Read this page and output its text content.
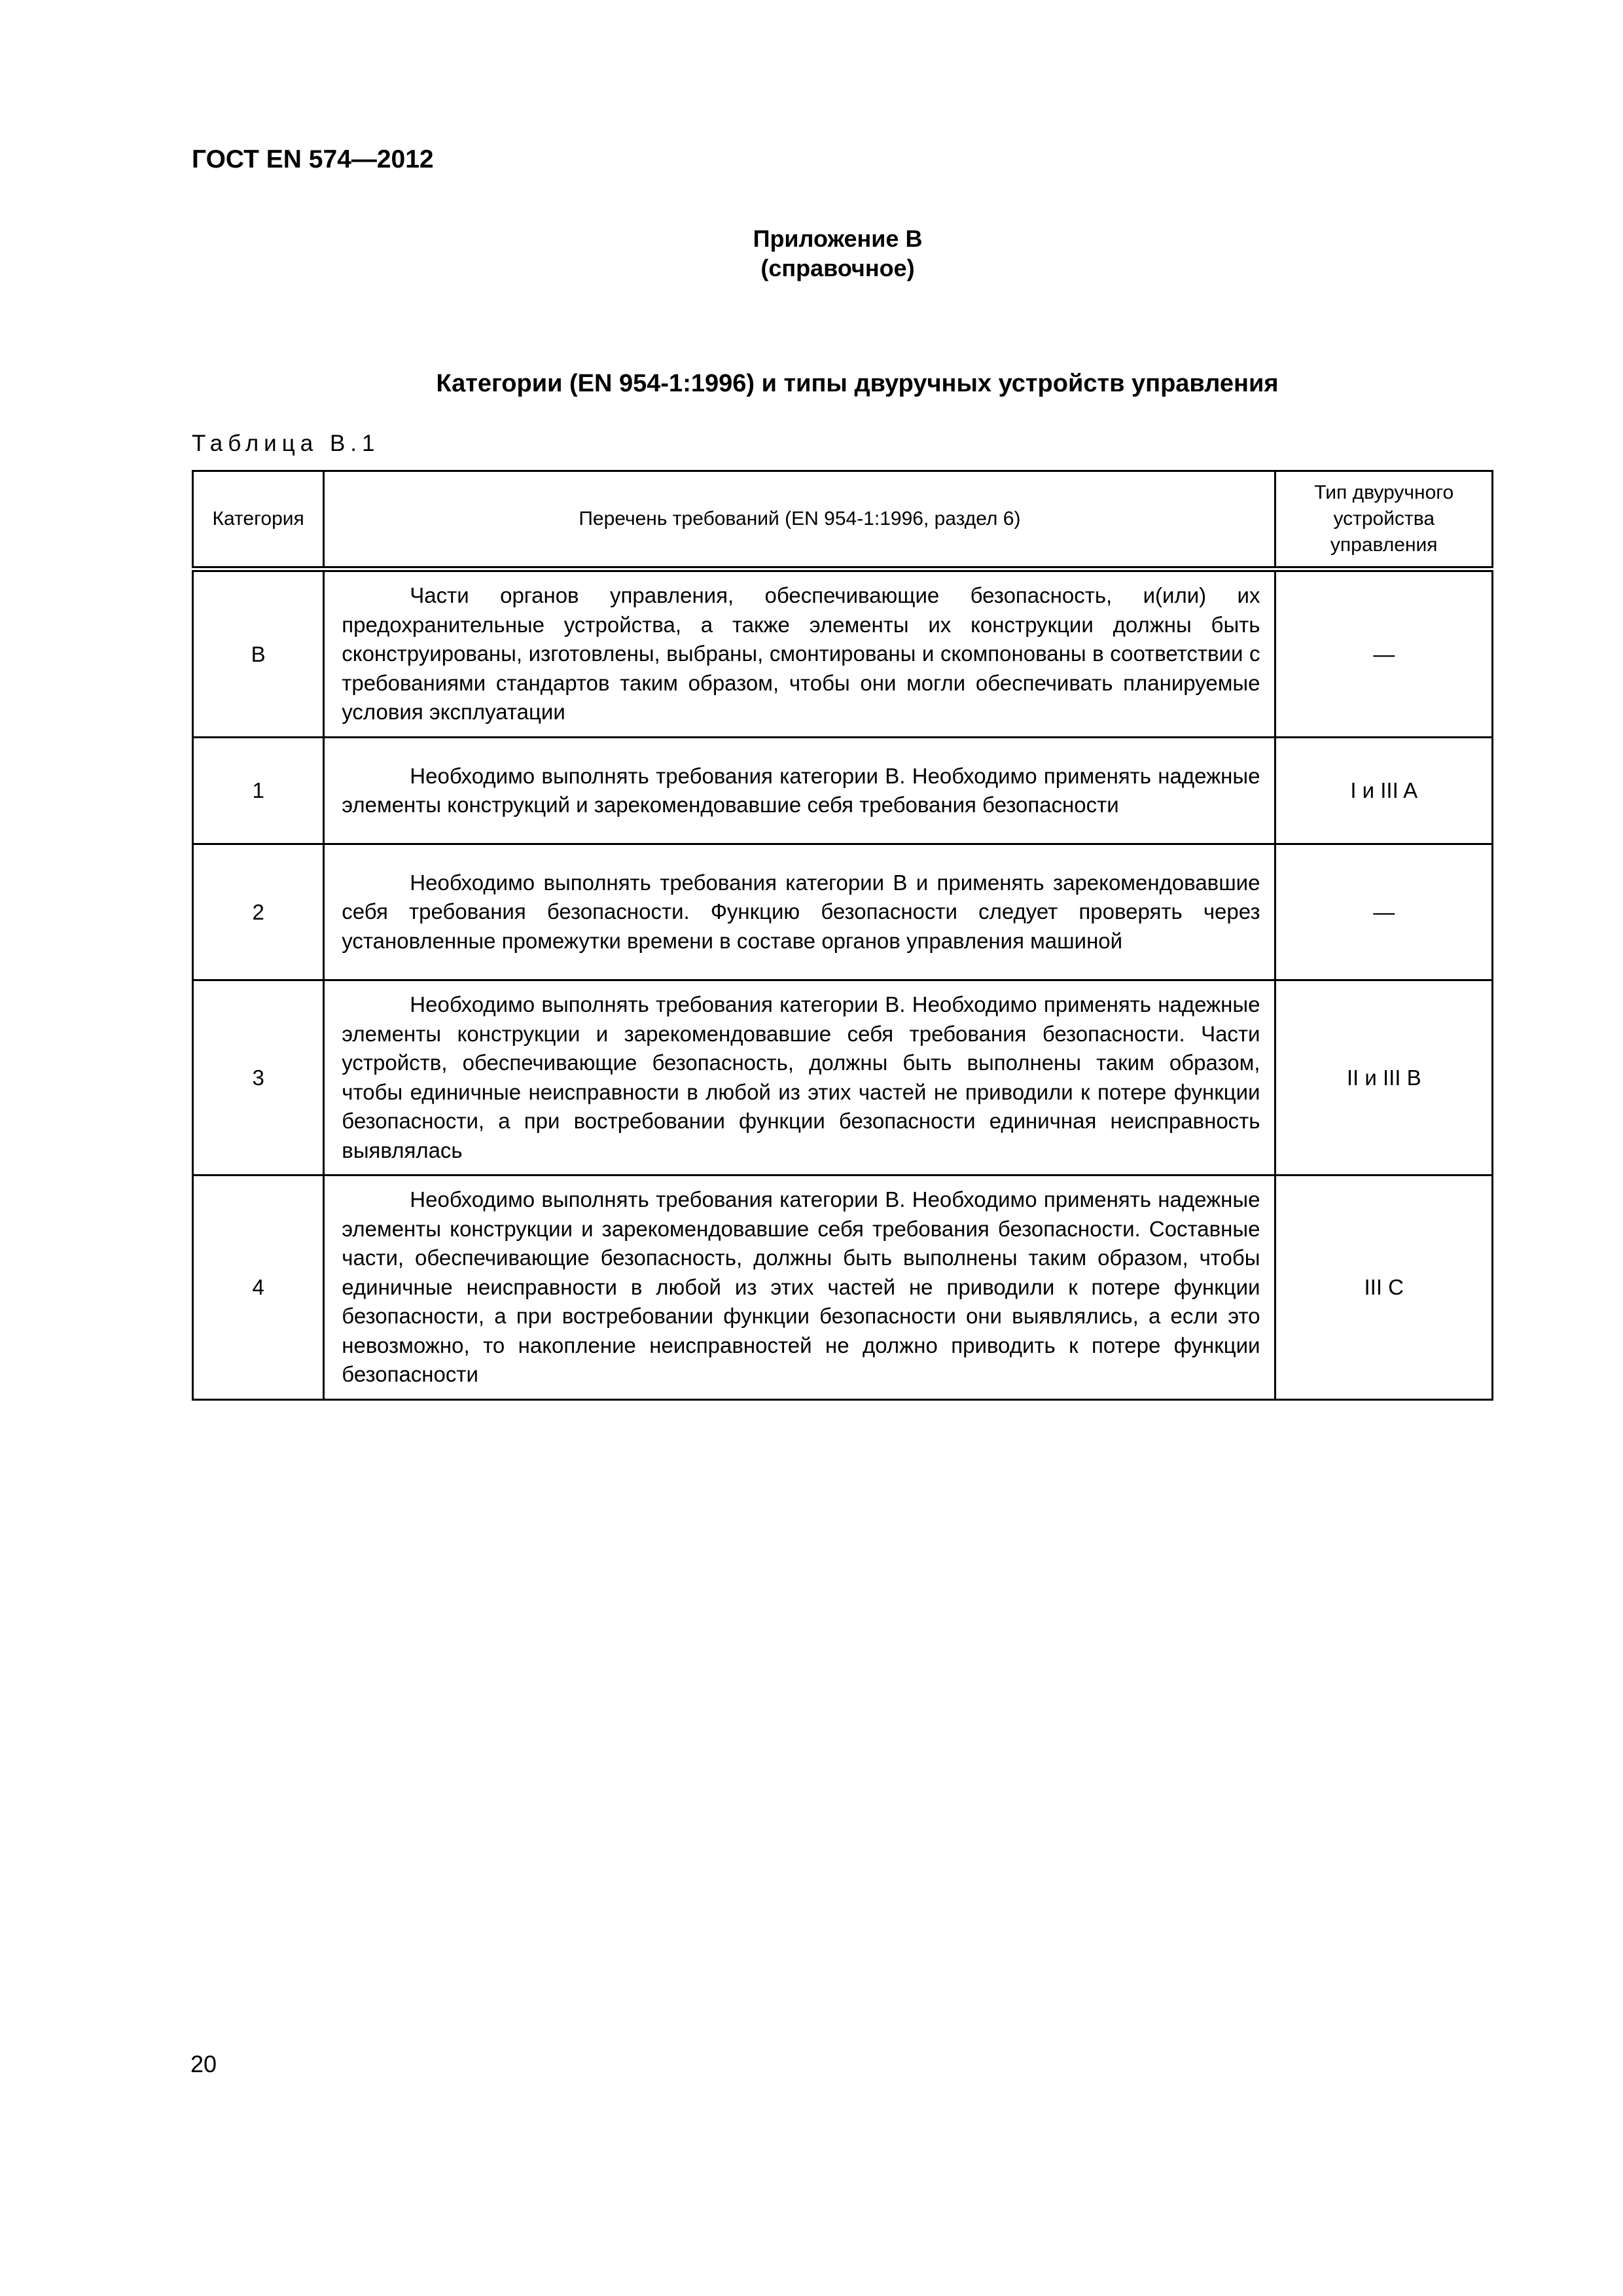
ГОСТ EN 574—2012
Приложение В
(справочное)
Категории (EN 954-1:1996) и типы двуручных устройств управления
Таблица В.1
Категория	Перечень требований (EN 954-1:1996, раздел 6)	Тип двуручного устройства управления
B	Части органов управления, обеспечивающие безопасность, и(или) их предохранительные устройства, а также элементы их конструкции должны быть сконструированы, изготовлены, выбраны, смонтированы и скомпонованы в соответствии с требованиями стандартов таким образом, чтобы они могли обеспечивать планируемые условия эксплуатации	—
1	Необходимо выполнять требования категории В. Необходимо применять надежные элементы конструкций и зарекомендовавшие себя требования безопасности	I и III A
2	Необходимо выполнять требования категории В и применять зарекомендовавшие себя требования безопасности. Функцию безопасности следует проверять через установленные промежутки времени в составе органов управления машиной	—
3	Необходимо выполнять требования категории В. Необходимо применять надежные элементы конструкции и зарекомендовавшие себя требования безопасности. Части устройств, обеспечивающие безопасность, должны быть выполнены таким образом, чтобы единичные неисправности в любой из этих частей не приводили к потере функции безопасности, а при востребовании функции безопасности единичная неисправность выявлялась	II и III B
4	Необходимо выполнять требования категории В. Необходимо применять надежные элементы конструкции и зарекомендовавшие себя требования безопасности. Составные части, обеспечивающие безопасность, должны быть выполнены таким образом, чтобы единичные неисправности в любой из этих частей не приводили к потере функции безопасности, а при востребовании функции безопасности они выявлялись, а если это невозможно, то накопление неисправностей не должно приводить к потере функции безопасности	III C
20
